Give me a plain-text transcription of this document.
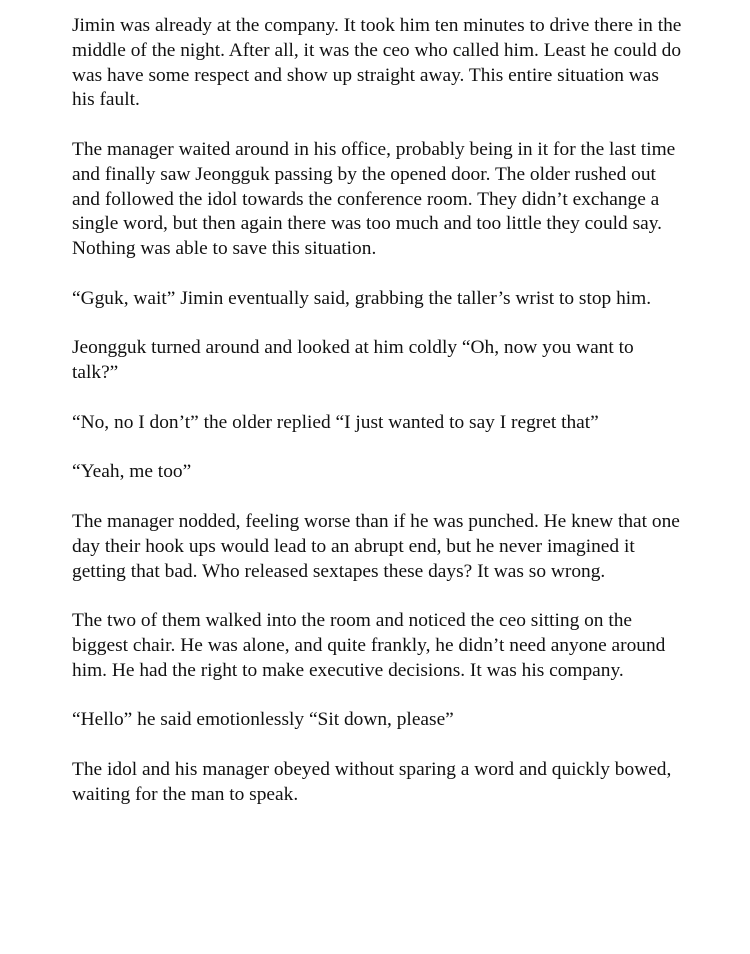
Jimin was already at the company. It took him ten minutes to drive there in the middle of the night. After all, it was the ceo who called him. Least he could do was have some respect and show up straight away. This entire situation was his fault.

The manager waited around in his office, probably being in it for the last time and finally saw Jeongguk passing by the opened door. The older rushed out and followed the idol towards the conference room. They didn’t exchange a single word, but then again there was too much and too little they could say. Nothing was able to save this situation.

“Gguk, wait” Jimin eventually said, grabbing the taller’s wrist to stop him.

Jeongguk turned around and looked at him coldly “Oh, now you want to talk?”

“No, no I don’t” the older replied “I just wanted to say I regret that”

“Yeah, me too”

The manager nodded, feeling worse than if he was punched. He knew that one day their hook ups would lead to an abrupt end, but he never imagined it getting that bad. Who released sextapes these days? It was so wrong.

The two of them walked into the room and noticed the ceo sitting on the biggest chair. He was alone, and quite frankly, he didn’t need anyone around him. He had the right to make executive decisions. It was his company.

“Hello” he said emotionlessly “Sit down, please”

The idol and his manager obeyed without sparing a word and quickly bowed, waiting for the man to speak.
